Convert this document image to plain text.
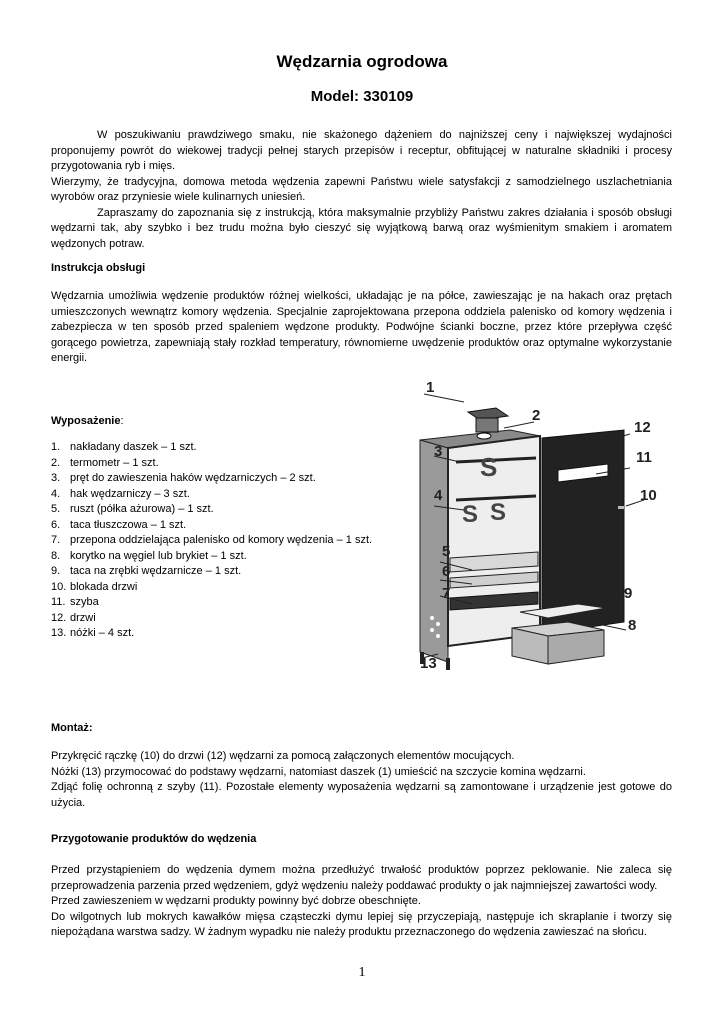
Wędzarnia ogrodowa
Model: 330109

W poszukiwaniu prawdziwego smaku, nie skażonego dążeniem do najniższej ceny i największej wydajności proponujemy powrót do wiekowej tradycji pełnej starych przepisów i receptur, obfitującej w naturalne składniki i procesy przygotowania ryb i mięs.

Wierzymy, że tradycyjna, domowa metoda wędzenia zapewni Państwu wiele satysfakcji z samodzielnego uszlachetniania wyrobów oraz przyniesie wiele kulinarnych uniesień.

Zapraszamy do zapoznania się z instrukcją, która maksymalnie przybliży Państwu zakres działania i sposób obsługi wędzarni tak, aby szybko i bez trudu można było cieszyć się wyjątkową barwą oraz wyśmienitym smakiem i aromatem wędzonych potraw.

Instrukcja obsługi
Wędzarnia umożliwia wędzenie produktów różnej wielkości, układając je na półce, zawieszając je na hakach oraz prętach umieszczonych wewnątrz komory wędzenia. Specjalnie zaprojektowana przepona oddziela palenisko od komory wędzenia i zabezpiecza w ten sposób przed spaleniem wędzone produkty. Podwójne ścianki boczne, przez które przepływa część gorącego powietrza, zapewniają stały rozkład temperatury, równomierne uwędzenie produktów oraz optymalne wykorzystanie energii.
Wyposażenie:
1. nakładany daszek – 1 szt.
2. termometr – 1 szt.
3. pręt do zawieszenia haków wędzarniczych – 2 szt.
4. hak wędzarniczy – 3 szt.
5. ruszt (półka ażurowa) – 1 szt.
6. taca tłuszczowa – 1 szt.
7. przepona oddzielająca palenisko od komory wędzenia – 1 szt.
8. korytko na węgiel lub brykiet – 1 szt.
9. taca na zrębki wędzarnicze – 1 szt.
10. blokada drzwi
11. szyba
12. drzwi
13. nóżki – 4 szt.
S
S S
1
2
3
4
5
6
7
8
9
10
11
12
13
Montaż:

Przykręcić rączkę (10) do drzwi (12) wędzarni za pomocą załączonych elementów mocujących.

Nóżki (13) przymocować do podstawy wędzarni, natomiast daszek (1) umieścić na szczycie komina wędzarni.

Zdjąć folię ochronną z szyby (11). Pozostałe elementy wyposażenia wędzarni są zamontowane i urządzenie jest gotowe do użycia.

Przygotowanie produktów do wędzenia

Przed przystąpieniem do wędzenia dymem można przedłużyć trwałość produktów poprzez peklowanie. Nie zaleca się przeprowadzenia parzenia przed wędzeniem, gdyż wędzeniu należy poddawać produkty o jak najmniejszej zawartości wody.

Przed zawieszeniem w wędzarni produkty powinny być dobrze obeschnięte.

Do wilgotnych lub mokrych kawałków mięsa cząsteczki dymu lepiej się przyczepiają, następuje ich skraplanie i tworzy się niepożądana warstwa sadzy. W żadnym wypadku nie należy produktu przeznaczonego do wędzenia zawieszać na słońcu.

1
